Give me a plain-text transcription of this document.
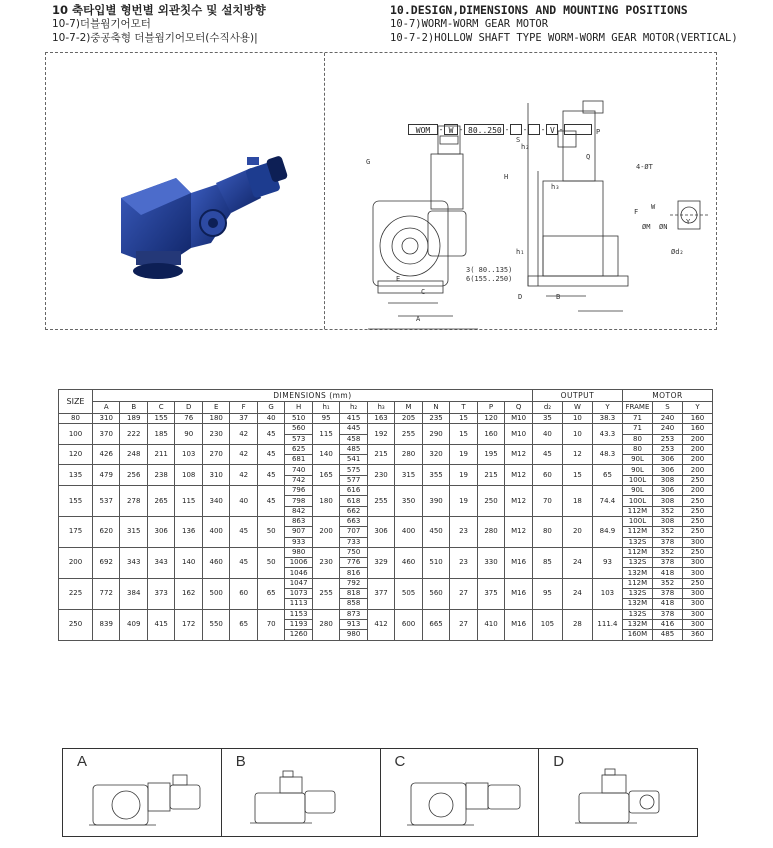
10 축타입별 형번별 외관칫수 및 설치방향
10-7)더블웜기어모터
10-7-2)중공축형 더블웜기어모터(수직사용)|
10.DESIGN,DIMENSIONS AND MOUNTING POSITIONS
10-7)WORM-WORM GEAR MOTOR
10-7-2)HOLLOW SHAFT TYPE WORM-WORM GEAR MOTOR(VERTICAL)
WOM	- W - 80..250 - - - V -
G
E
C
A
H
h₂
h₁
h₃
P
Q
4-ØT
F
ØM ØN
W
Y
Ød₂
S
D	B
3( 80..135)
6(155..250)
SIZE	DIMENSIONS (mm)																OUTPUT			MOTOR		
	A	B	C	D	E	F	G	H	h₁	h₂	h₃	M	N	T	P	Q	d₂	W	Y	FRAME	S	Y
80	310	189	155	76	180	37	40	510	95	415	163	205	235	15	120	M10	35	10	38.3	71	240	160
100	370	222	185	90	230	42	45	560	115	445	192	255	290	15	160	M10	40	10	43.3	71	240	160
								573		458										80	253	200
120	426	248	211	103	270	42	45	625	140	485	215	280	320	19	195	M12	45	12	48.3	80	253	200
								681		541										90L	306	200
135	479	256	238	108	310	42	45	740	165	575	230	315	355	19	215	M12	60	15	65	90L	306	200
								742		577										100L	308	250
155	537	278	265	115	340	40	45	796	180	616	255	350	390	19	250	M12	70	18	74.4	90L	306	200
								798		618										100L	308	250
								842		662										112M	352	250
175	620	315	306	136	400	45	50	863	200	663	306	400	450	23	280	M12	80	20	84.9	100L	308	250
								907		707										112M	352	250
								933		733										132S	378	300
200	692	343	343	140	460	45	50	980	230	750	329	460	510	23	330	M16	85	24	93	112M	352	250
								1006		776										132S	378	300
								1046		816										132M	418	300
225	772	384	373	162	500	60	65	1047	255	792	377	505	560	27	375	M16	95	24	103	112M	352	250
								1073		818										132S	378	300
								1113		858										132M	418	300
250	839	409	415	172	550	65	70	1153	280	873	412	600	665	27	410	M16	105	28	111.4	132S	378	300
								1193		913										132M	416	300
								1260		980										160M	485	360
A	B	C	D
